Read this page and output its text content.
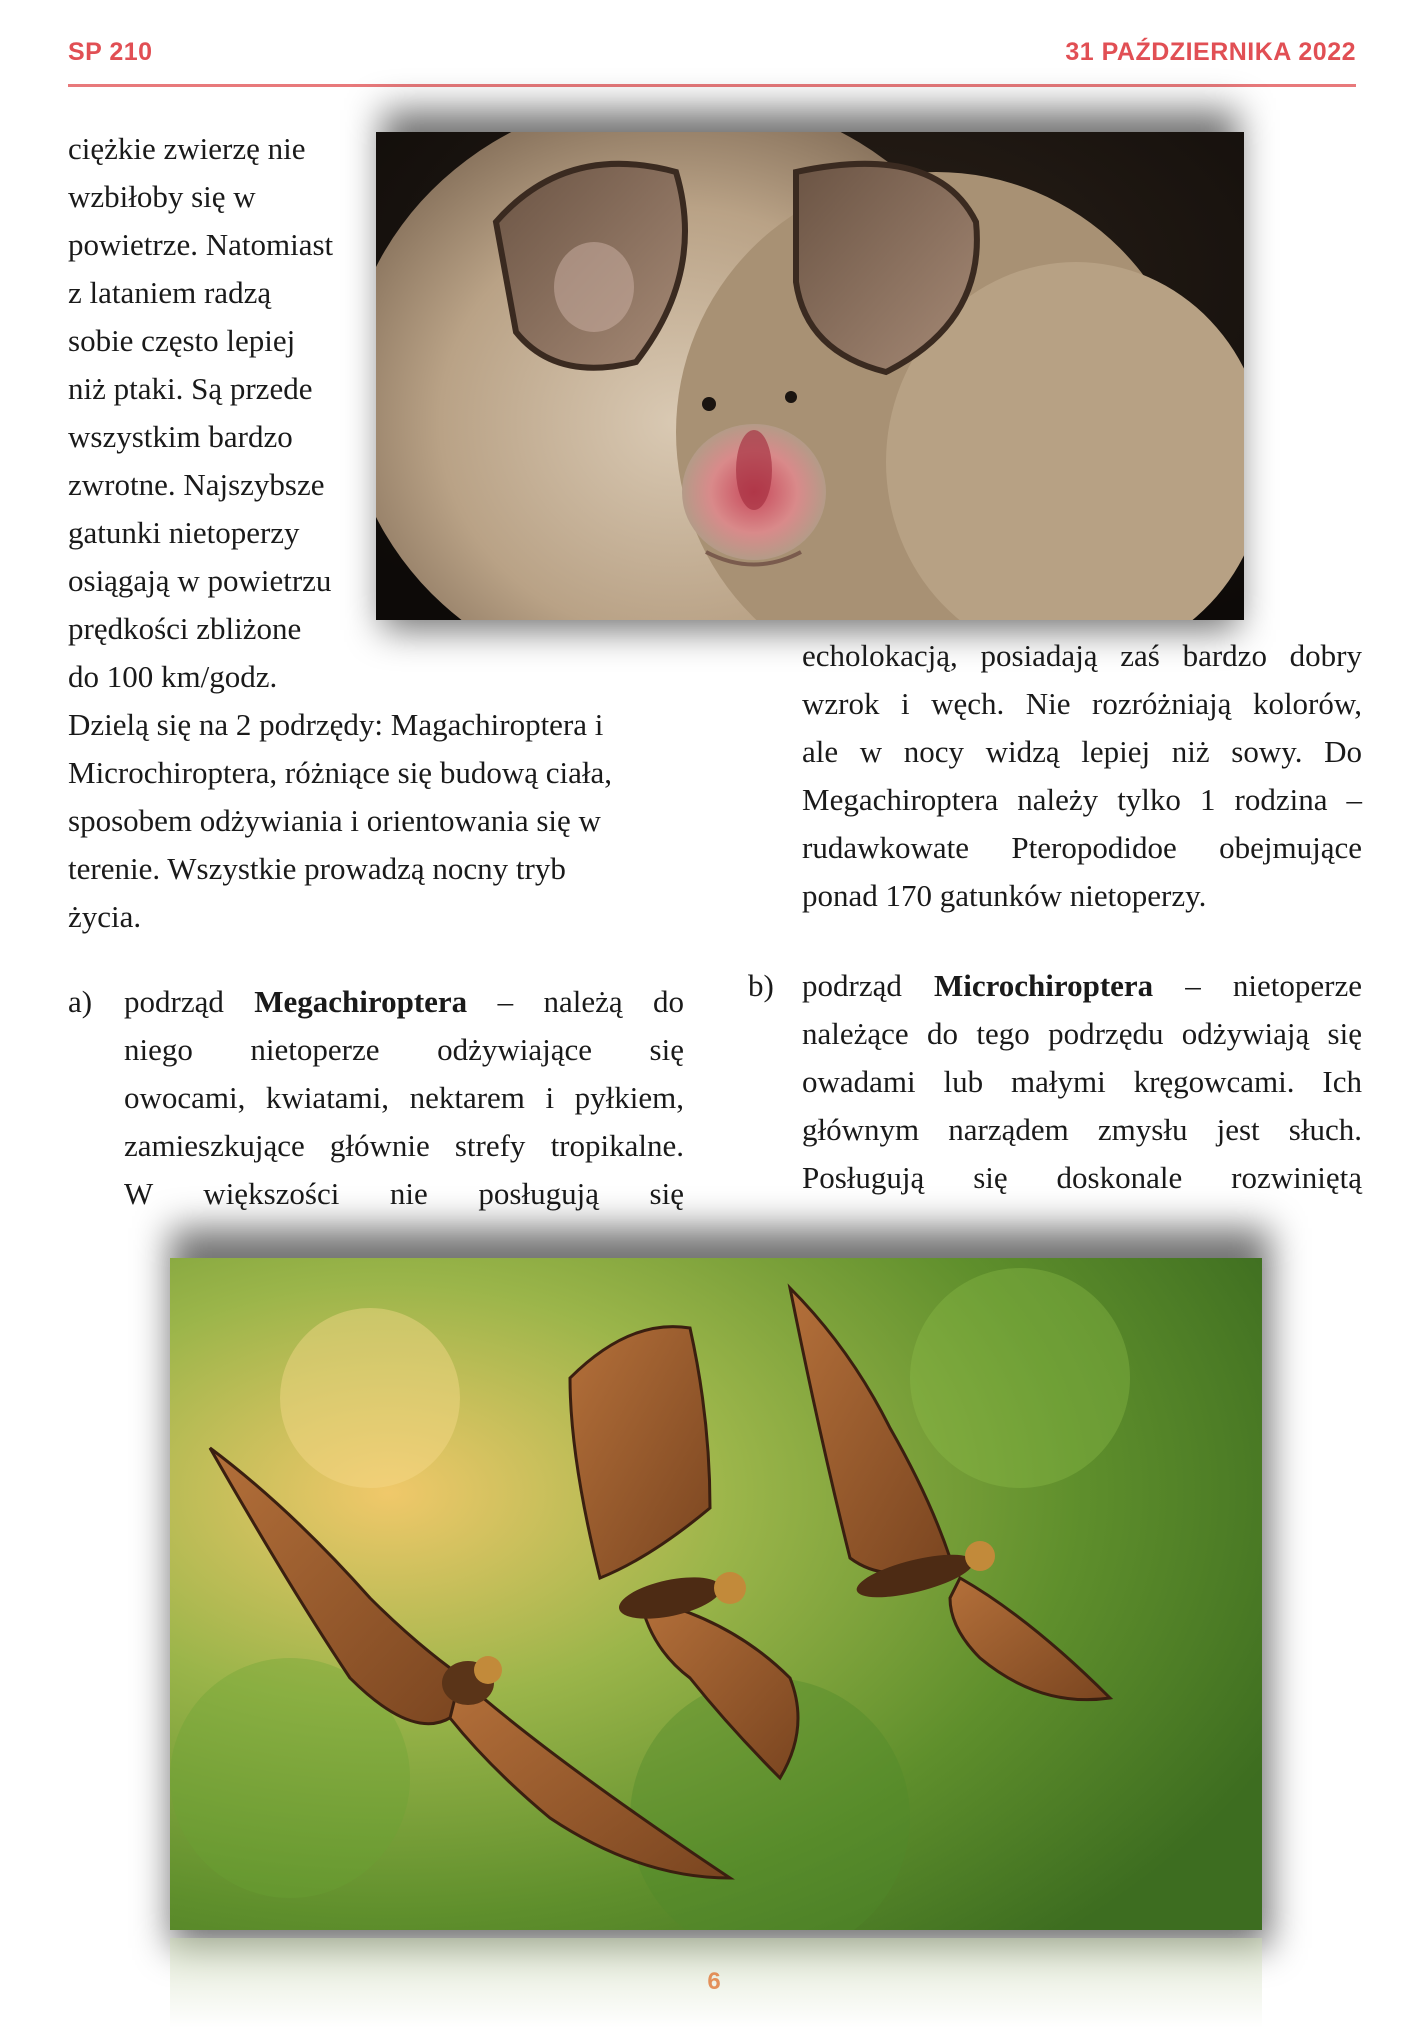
SP 210	31 PAŹDZIERNIKA 2022
ciężkie zwierzę nie
wzbiłoby się w
powietrze. Natomiast
z lataniem radzą
sobie często lepiej
niż ptaki. Są przede
wszystkim bardzo
zwrotne. Najszybsze
gatunki nietoperzy
osiągają w powietrzu
prędkości zbliżone
do 100 km/godz.
Dzielą się na 2 podrzędy: Magachiroptera i
Microchiroptera, różniące się budową ciała,
sposobem odżywiania i orientowania się w
terenie. Wszystkie prowadzą nocny tryb
życia.
echolokacją, posiadają zaś bardzo dobry
wzrok i węch. Nie rozróżniają kolorów,
ale w nocy widzą lepiej niż sowy. Do
Megachiroptera należy tylko 1 rodzina –
rudawkowate Pteropodidoe obejmujące
ponad 170 gatunków nietoperzy.
a) podrząd Megachiroptera – należą do
niego nietoperze odżywiające się
owocami, kwiatami, nektarem i pyłkiem,
zamieszkujące głównie strefy tropikalne.
W większości nie posługują się
b) podrząd Microchiroptera – nietoperze
należące do tego podrzędu odżywiają się
owadami lub małymi kręgowcami. Ich
głównym narządem zmysłu jest słuch.
Posługują się doskonale rozwiniętą
6
